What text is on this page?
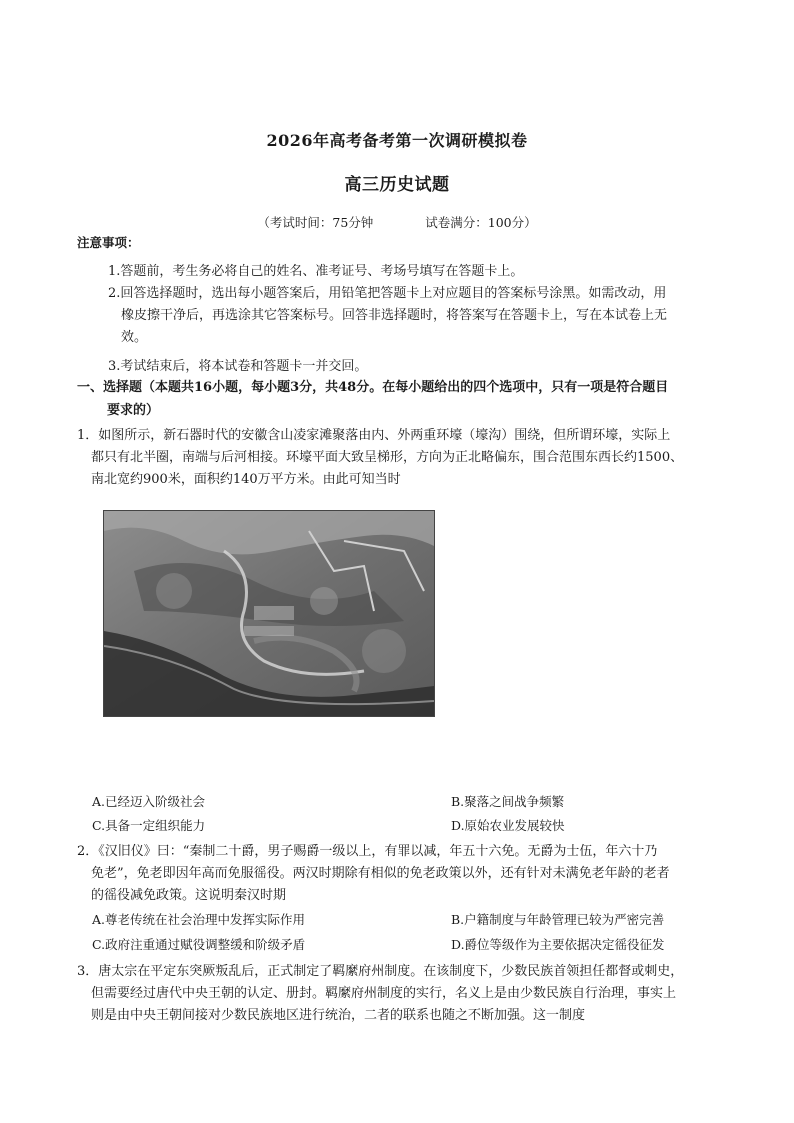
2026年高考备考第一次调研模拟卷
高三历史试题
（考试时间：75分钟	试卷满分：100分）
注意事项：
1.答题前，考生务必将自己的姓名、准考证号、考场号填写在答题卡上。
2.回答选择题时，选出每小题答案后，用铅笔把答题卡上对应题目的答案标号涂黑。如需改动，用
橡皮擦干净后，再选涂其它答案标号。回答非选择题时，将答案写在答题卡上，写在本试卷上无
效。
3.考试结束后，将本试卷和答题卡一并交回。
一、选择题（本题共16小题，每小题3分，共48分。在每小题给出的四个选项中，只有一项是符合题目
要求的）
1．如图所示，新石器时代的安徽含山凌家滩聚落由内、外两重环壕（壕沟）围绕，但所谓环壕，实际上
都只有北半圈，南端与后河相接。环壕平面大致呈梯形，方向为正北略偏东，围合范围东西长约1500、
南北宽约900米，面积约140万平方米。由此可知当时
A.已经迈入阶级社会	B.聚落之间战争频繁
C.具备一定组织能力	D.原始农业发展较快
2．《汉旧仪》曰：“秦制二十爵，男子赐爵一级以上，有罪以减，年五十六免。无爵为士伍，年六十乃
免老”，免老即因年高而免服徭役。两汉时期除有相似的免老政策以外，还有针对未满免老年龄的老者
的徭役减免政策。这说明秦汉时期
A.尊老传统在社会治理中发挥实际作用	B.户籍制度与年龄管理已较为严密完善
C.政府注重通过赋役调整缓和阶级矛盾	D.爵位等级作为主要依据决定徭役征发
3．唐太宗在平定东突厥叛乱后，正式制定了羁縻府州制度。在该制度下，少数民族首领担任都督或刺史，
但需要经过唐代中央王朝的认定、册封。羁縻府州制度的实行，名义上是由少数民族自行治理，事实上
则是由中央王朝间接对少数民族地区进行统治，二者的联系也随之不断加强。这一制度
